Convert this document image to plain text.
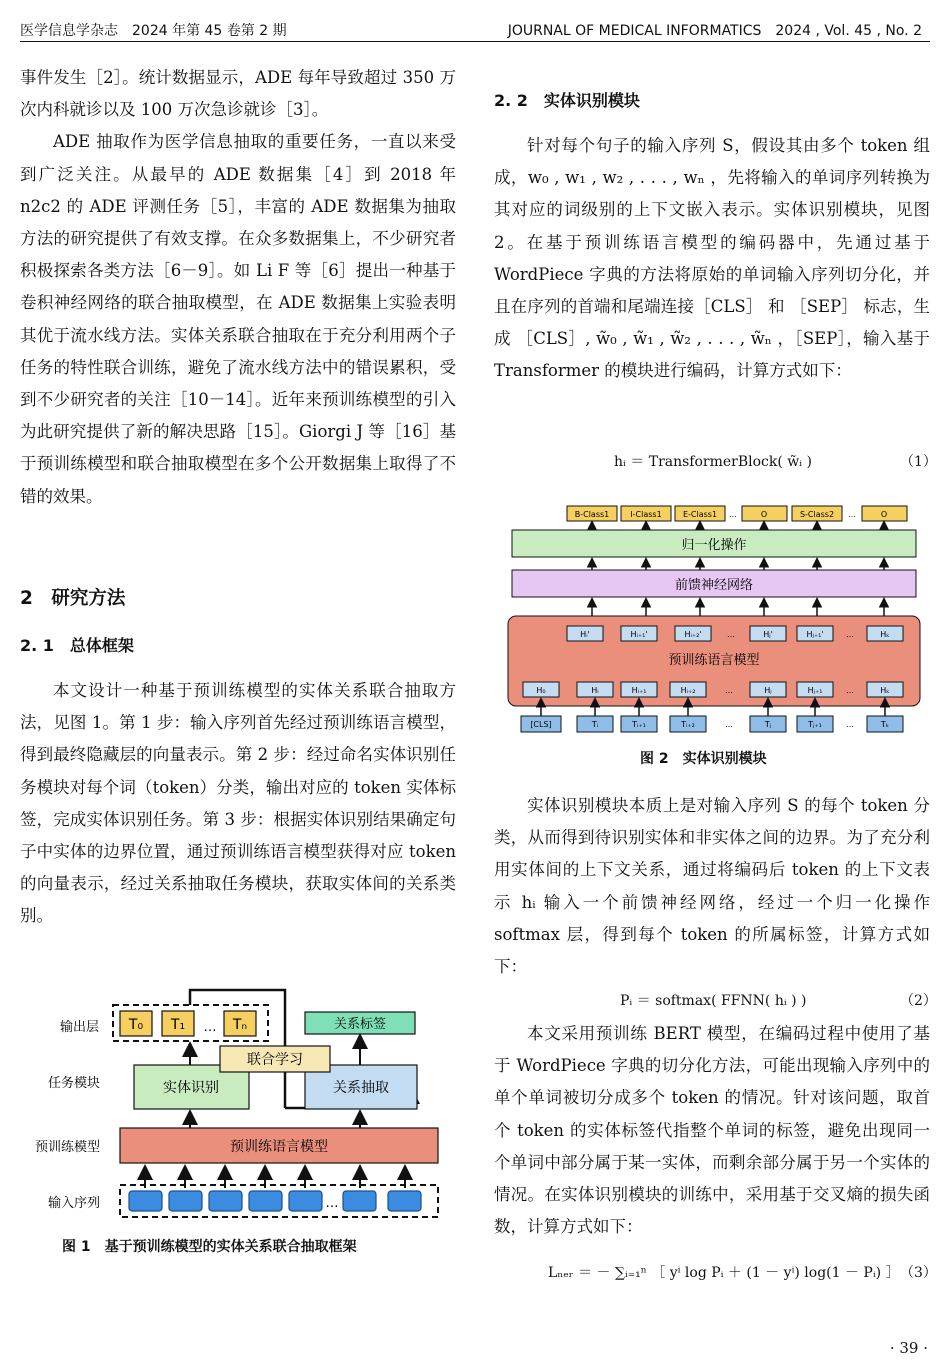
医学信息学杂志　2024 年第 45 卷第 2 期	JOURNAL OF MEDICAL INFORMATICS　2024 , Vol. 45 , No. 2

事件发生［2］。统计数据显示，ADE 每年导致超过 350 万次内科就诊以及 100 万次急诊就诊［3］。

ADE 抽取作为医学信息抽取的重要任务，一直以来受到广泛关注。从最早的 ADE 数据集［4］到 2018 年 n2c2 的 ADE 评测任务［5］，丰富的 ADE 数据集为抽取方法的研究提供了有效支撑。在众多数据集上，不少研究者积极探索各类方法［6－9］。如 Li F 等［6］提出一种基于卷积神经网络的联合抽取模型，在 ADE 数据集上实验表明其优于流水线方法。实体关系联合抽取在于充分利用两个子任务的特性联合训练，避免了流水线方法中的错误累积，受到不少研究者的关注［10－14］。近年来预训练模型的引入为此研究提供了新的解决思路［15］。Giorgi J 等［16］基于预训练模型和联合抽取模型在多个公开数据集上取得了不错的效果。

2　研究方法
2. 1　总体框架

本文设计一种基于预训练模型的实体关系联合抽取方法，见图 1。第 1 步：输入序列首先经过预训练语言模型，得到最终隐藏层的向量表示。第 2 步：经过命名实体识别任务模块对每个词（token）分类，输出对应的 token 实体标签，完成实体识别任务。第 3 步：根据实体识别结果确定句子中实体的边界位置，通过预训练语言模型获得对应 token 的向量表示，经过关系抽取任务模块，获取实体间的关系类别。

输出层
任务模块
预训练模型
输入序列
T₀ T₁ … Tₙ	关系标签
实体识别	关系抽取
联合学习
预训练语言模型
…
图 1　基于预训练模型的实体关系联合抽取框架
2. 2　实体识别模块

针对每个句子的输入序列 S，假设其由多个 token 组成，w₀ , w₁ , w₂ , . . . , wₙ ，先将输入的单词序列转换为其对应的词级别的上下文嵌入表示。实体识别模块，见图 2。在基于预训练语言模型的编码器中，先通过基于 WordPiece 字典的方法将原始的单词输入序列切分化，并且在序列的首端和尾端连接［CLS］ 和 ［SEP］ 标志，生成 ［CLS］, w̃₀ , w̃₁ , w̃₂ , . . . , w̃ₙ ，［SEP］，输入基于 Transformer 的模块进行编码，计算方式如下：

hᵢ ＝ TransformerBlock( w̃ᵢ )	（1）
B-Class1	I-Class1	E-Class1 …	O	S-Class2 …	O
归一化操作
前馈神经网络
预训练语言模型
Hᵢ'	Hᵢ₊₁'	Hᵢ₊₂'	…	Hⱼ'	Hⱼ₊₁'	…	Hₖ
H₀	Hᵢ	Hᵢ₊₁	Hᵢ₊₂	…	Hⱼ	Hⱼ₊₁	…	Hₖ
[CLS]	Tᵢ	Tᵢ₊₁	Tᵢ₊₂	…	Tⱼ	Tⱼ₊₁	…	Tₖ
图 2　实体识别模块

实体识别模块本质上是对输入序列 S 的每个 token 分类，从而得到待识别实体和非实体之间的边界。为了充分利用实体间的上下文关系，通过将编码后 token 的上下文表示 hᵢ 输入一个前馈神经网络，经过一个归一化操作 softmax 层，得到每个 token 的所属标签，计算方式如下：

Pᵢ ＝ softmax( FFNN( hᵢ ) )	（2）

本文采用预训练 BERT 模型，在编码过程中使用了基于 WordPiece 字典的切分化方法，可能出现输入序列中的单个单词被切分成多个 token 的情况。针对该问题，取首个 token 的实体标签代指整个单词的标签，避免出现同一个单词中部分属于某一实体，而剩余部分属于另一个实体的情况。在实体识别模块的训练中，采用基于交叉熵的损失函数，计算方式如下：

Lₙₑᵣ ＝ － ∑ᵢ₌₁ⁿ ［ yⁱ log Pᵢ ＋ (1 － yⁱ) log(1 － Pᵢ) ］ （3）
· 39 ·
